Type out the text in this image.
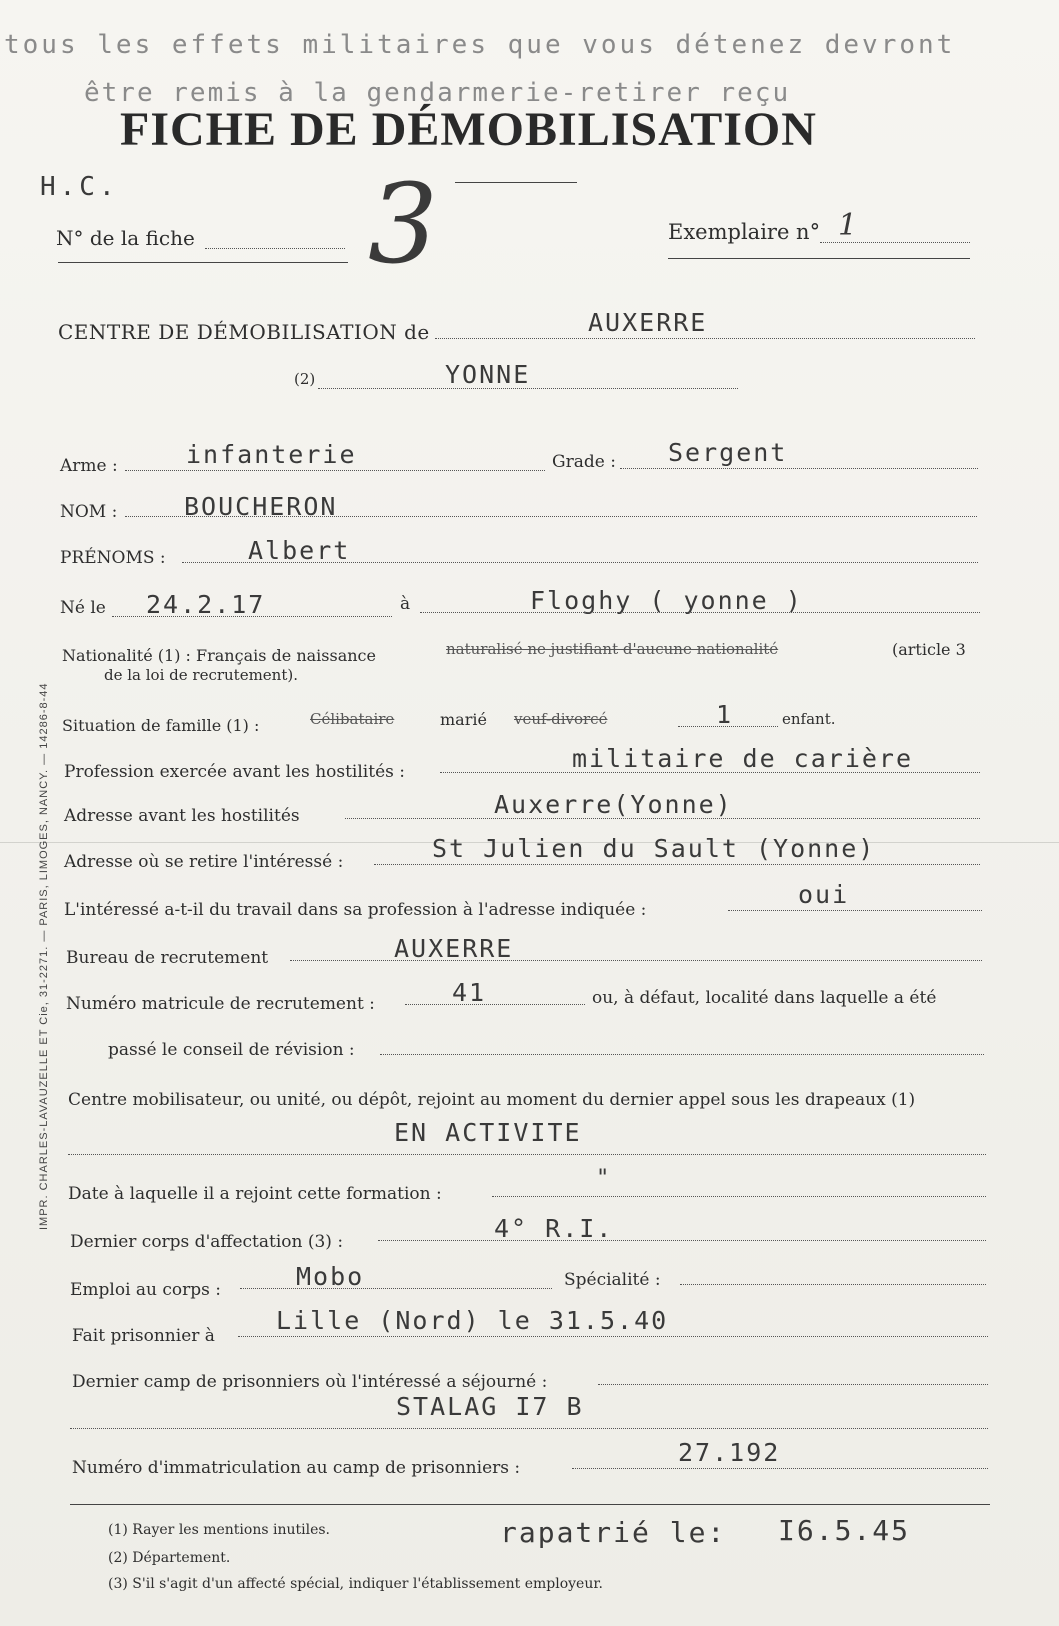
IMPR. CHARLES-LAVAUZELLE ET Cie, 31-2271. — PARIS, LIMOGES, NANCY. — 14286-8-44
tous les effets militaires que vous détenez devront
être remis à la gendarmerie-retirer reçu
FICHE DE DÉMOBILISATION
H.C.
N° de la fiche 3	Exemplaire n° 1
CENTRE DE DÉMOBILISATION de	AUXERRE
(2)	YONNE
Arme :	infanterie	Grade : Sergent
NOM :	BOUCHERON
PRÉNOMS :	Albert
Né le 24.2.17	à	Floghy ( yonne )
Nationalité (1) : Français de naissance	naturalisé ne justifiant d'aucune nationalité	(article 3
de la loi de recrutement).
Situation de famille (1) :	Célibataire	marié veuf-divorcé	1	enfant.
Profession exercée avant les hostilités :	militaire de carière
Adresse avant les hostilités	Auxerre(Yonne)
Adresse où se retire l'intéressé :	St Julien du Sault (Yonne)
L'intéressé a-t-il du travail dans sa profession à l'adresse indiquée :
oui
Bureau de recrutement	AUXERRE
Numéro matricule de recrutement :	41	ou, à défaut, localité dans laquelle a été
passé le conseil de révision :
Centre mobilisateur, ou unité, ou dépôt, rejoint au moment du dernier appel sous les drapeaux (1)
EN ACTIVITE
Date à laquelle il a rejoint cette formation :
"
Dernier corps d'affectation (3) :	4° R.I.
Emploi au corps :	Mobo	Spécialité :
Fait prisonnier à
Lille (Nord) le 31.5.40
Dernier camp de prisonniers où l'intéressé a séjourné :
STALAG I7 B
Numéro d'immatriculation au camp de prisonniers :
27.192
rapatrié le: I6.5.45
(1) Rayer les mentions inutiles.
(2) Département.
(3) S'il s'agit d'un affecté spécial, indiquer l'établissement employeur.
